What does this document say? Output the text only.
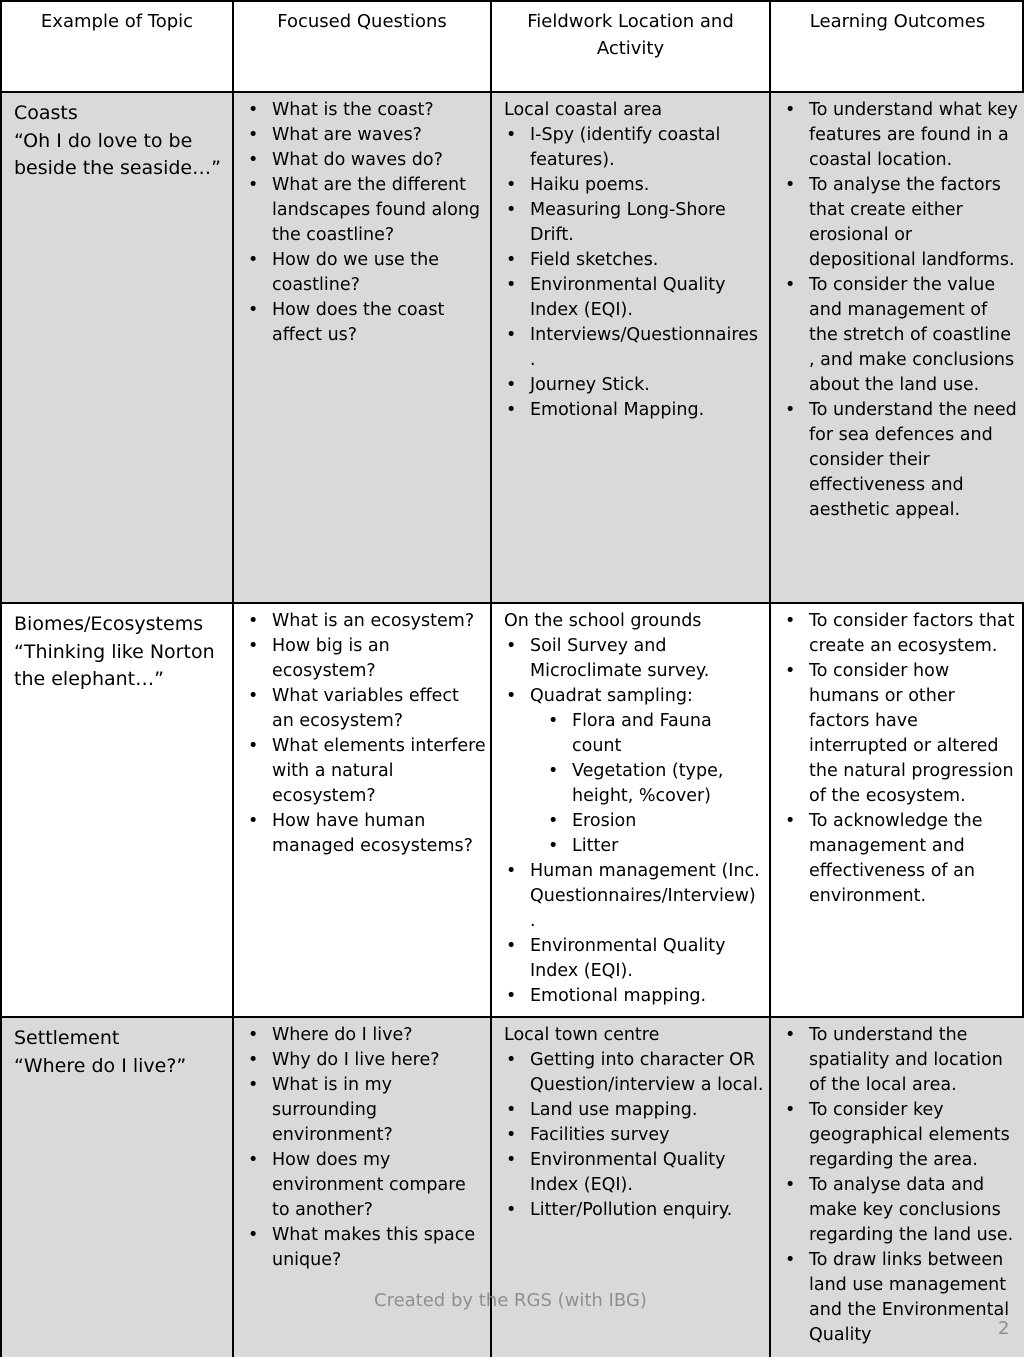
Example of Topic	Focused Questions	Fieldwork Location and Activity
Learning Outcomes
Coasts
“Oh I do love to be beside the seaside…”
• What is the coast?
• What are waves?
• What do waves do?
• What are the different landscapes found along the coastline?
• How do we use the coastline?
• How does the coast affect us?
Local coastal area
• I-Spy (identify coastal features).
• Haiku poems.
• Measuring Long-Shore Drift.
• Field sketches.
• Environmental Quality Index (EQI).
• Interviews/Questionnaires .
• Journey Stick.
• Emotional Mapping.
• To understand what key features are found in a coastal location.
• To analyse the factors that create either erosional or depositional landforms.
• To consider the value and management of the stretch of coastline , and make conclusions about the land use.
• To understand the need for sea defences and consider their effectiveness and aesthetic appeal.
Biomes/Ecosystems
“Thinking like Norton the elephant…”
• What is an ecosystem?
• How big is an ecosystem?
• What variables effect an ecosystem?
• What elements interfere with a natural ecosystem?
• How have human managed ecosystems?
On the school grounds
• Soil Survey and Microclimate survey.
• Quadrat sampling:
• Flora and Fauna count
• Vegetation (type, height, %cover)
• Erosion
• Litter
• Human management (Inc. Questionnaires/Interview) .
• Environmental Quality Index (EQI).
• Emotional mapping.
• To consider factors that create an ecosystem.
• To consider how humans or other factors have interrupted or altered the natural progression of the ecosystem.
• To acknowledge the management and effectiveness of an environment.
Settlement
“Where do I live?”
• Where do I live?
• Why do I live here?
• What is in my surrounding environment?
• How does my environment compare to another?
• What makes this space unique?
Local town centre
• Getting into character OR Question/interview a local.
• Land use mapping.
• Facilities survey
• Environmental Quality Index (EQI).
• Litter/Pollution enquiry.
• To understand the spatiality and location of the local area.
• To consider key geographical elements regarding the area.
• To analyse data and make key conclusions regarding the land use.
• To draw links between land use management and the Environmental Quality
Created by the RGS (with IBG)
2
